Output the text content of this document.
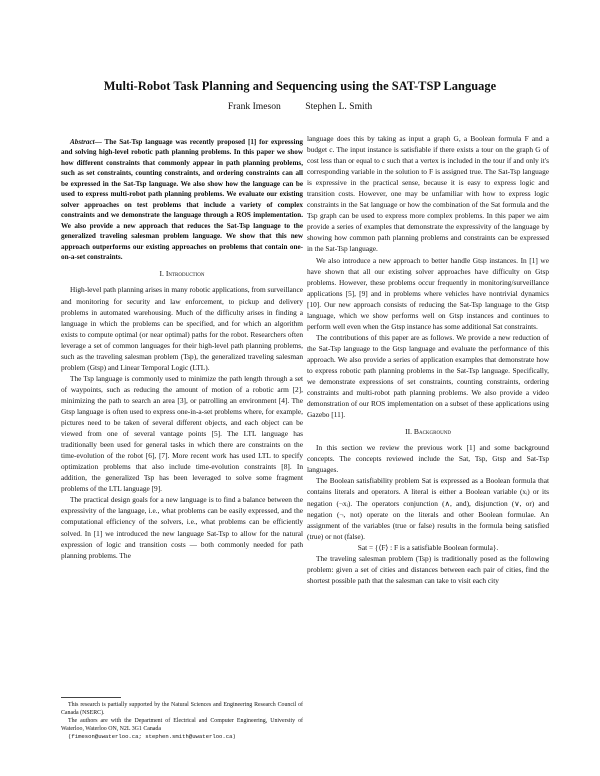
Multi-Robot Task Planning and Sequencing using the SAT-TSP Language
Frank Imeson	Stephen L. Smith

Abstract— The Sat-Tsp language was recently proposed [1] for expressing and solving high-level robotic path planning problems. In this paper we show how different constraints that commonly appear in path planning problems, such as set constraints, counting constraints, and ordering constraints can all be expressed in the Sat-Tsp language. We also show how the language can be used to express multi-robot path planning problems. We evaluate our existing solver approaches on test problems that include a variety of complex constraints and we demonstrate the language through a ROS implementation. We also provide a new approach that reduces the Sat-Tsp language to the generalized traveling salesman problem language. We show that this new approach outperforms our existing approaches on problems that contain one-on-a-set constraints.

I. Introduction

High-level path planning arises in many robotic applications, from surveillance and monitoring for security and law enforcement, to pickup and delivery problems in automated warehousing. Much of the difficulty arises in finding a language in which the problems can be specified, and for which an algorithm exists to compute optimal (or near optimal) paths for the robot. Researchers often leverage a set of common languages for their high-level path planning problems, such as the traveling salesman problem (Tsp), the generalized traveling salesman problem (Gtsp) and Linear Temporal Logic (LTL).

The Tsp language is commonly used to minimize the path length through a set of waypoints, such as reducing the amount of motion of a robotic arm [2], minimizing the path to search an area [3], or patrolling an environment [4]. The Gtsp language is often used to express one-in-a-set problems where, for example, pictures need to be taken of several different objects, and each object can be viewed from one of several vantage points [5]. The LTL language has traditionally been used for general tasks in which there are constraints on the time-evolution of the robot [6], [7]. More recent work has used LTL to specify optimization problems that also include time-evolution constraints [8]. In addition, the generalized Tsp has been leveraged to solve some fragment problems of the LTL language [9].

The practical design goals for a new language is to find a balance between the expressivity of the language, i.e., what problems can be easily expressed, and the computational efficiency of the solvers, i.e., what problems can be efficiently solved. In [1] we introduced the new language Sat-Tsp to allow for the natural expression of logic and transition costs — both commonly needed for path planning problems. The

This research is partially supported by the Natural Sciences and Engineering Research Council of Canada (NSERC).

The authors are with the Department of Electrical and Computer Engineering, University of Waterloo, Waterloo ON, N2L 3G1 Canada

(fimeson@uwaterloo.ca; stephen.smith@uwaterloo.ca)

language does this by taking as input a graph G, a Boolean formula F and a budget c. The input instance is satisfiable if there exists a tour on the graph G of cost less than or equal to c such that a vertex is included in the tour if and only it's corresponding variable in the solution to F is assigned true. The Sat-Tsp language is expressive in the practical sense, because it is easy to express logic and transition costs. However, one may be unfamiliar with how to express logic constraints in the Sat language or how the combination of the Sat formula and the Tsp graph can be used to express more complex problems. In this paper we aim provide a series of examples that demonstrate the expressivity of the language by showing how common path planning problems and constraints can be expressed in the Sat-Tsp language.

We also introduce a new approach to better handle Gtsp instances. In [1] we have shown that all our existing solver approaches have difficulty on Gtsp problems. However, these problems occur frequently in monitoring/surveillance applications [5], [9] and in problems where vehicles have nontrivial dynamics [10]. Our new approach consists of reducing the Sat-Tsp language to the Gtsp language, which we show performs well on Gtsp instances and continues to perform well even when the Gtsp instance has some additional Sat constraints.

The contributions of this paper are as follows. We provide a new reduction of the Sat-Tsp language to the Gtsp language and evaluate the performance of this approach. We also provide a series of application examples that demonstrate how to express robotic path planning problems in the Sat-Tsp language. Specifically, we demonstrate expressions of set constraints, counting constraints, ordering constraints and multi-robot path planning problems. We also provide a video demonstration of our ROS implementation on a subset of these applications using Gazebo [11].

II. Background

In this section we review the previous work [1] and some background concepts. The concepts reviewed include the Sat, Tsp, Gtsp and Sat-Tsp languages.

The Boolean satisfiability problem Sat is expressed as a Boolean formula that contains literals and operators. A literal is either a Boolean variable (xᵢ) or its negation (¬xᵢ). The operators conjunction (∧, and), disjunction (∨, or) and negation (¬, not) operate on the literals and other Boolean formulae. An assignment of the variables (true or false) results in the formula being satisfied (true) or not (false).

Sat = {⟨F⟩ : F is a satisfiable Boolean formula}.

The traveling salesman problem (Tsp) is traditionally posed as the following problem: given a set of cities and distances between each pair of cities, find the shortest possible path that the salesman can take to visit each city
